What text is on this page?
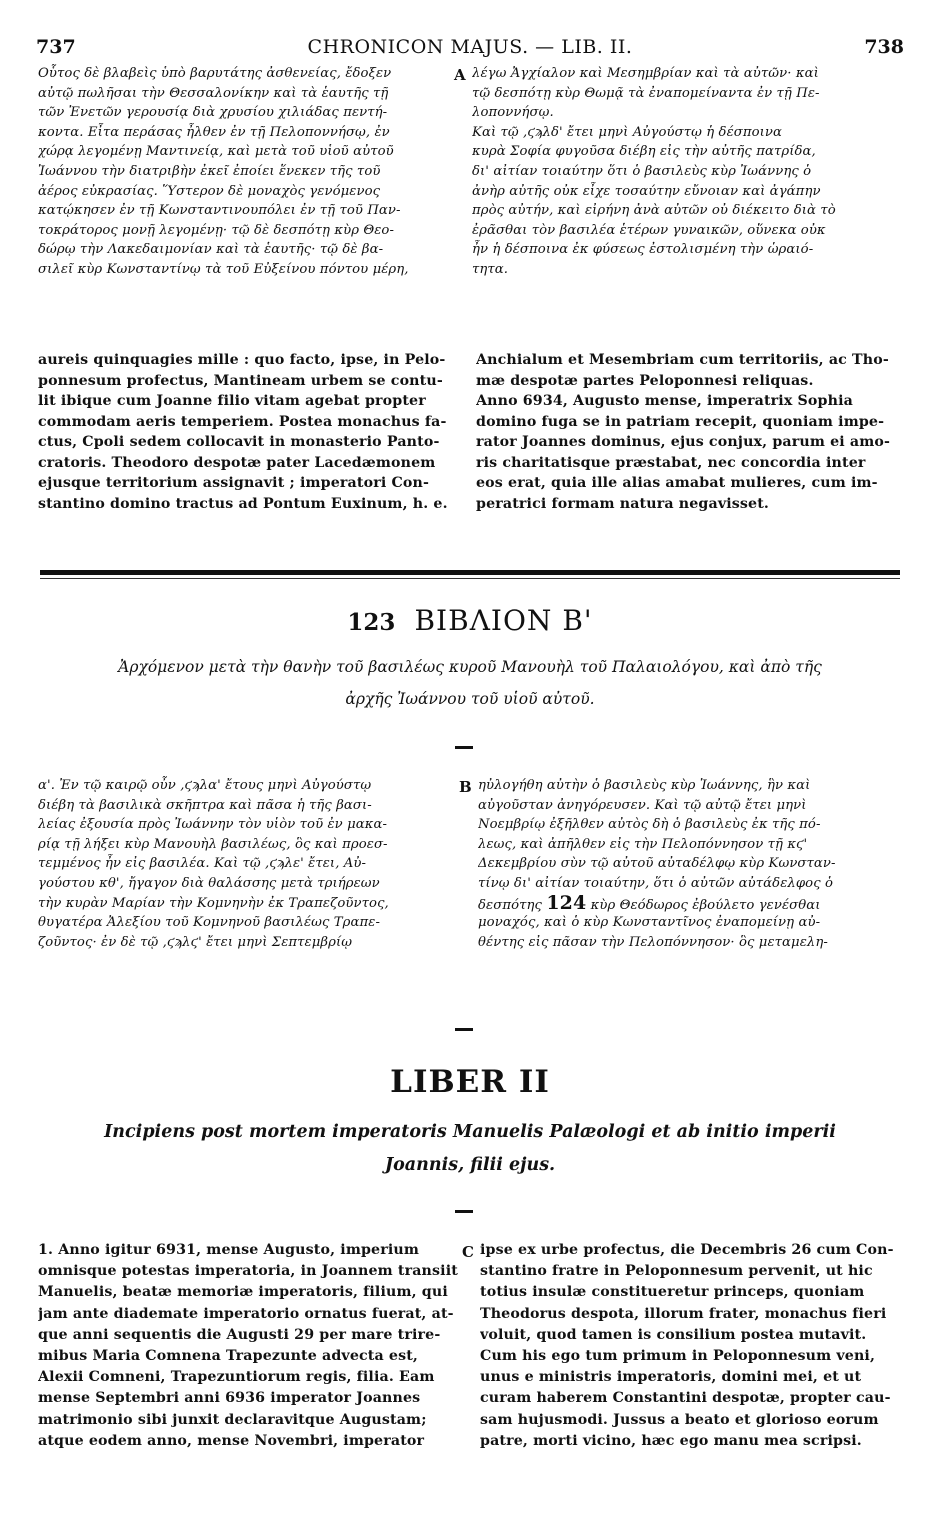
737	CHRONICON MAJUS. — LIB. II.	738
Οὗτος δὲ βλαβεὶς ὑπὸ βαρυτάτης ἀσθενείας, ἔδοξεν
αὐτῷ πωλῆσαι τὴν Θεσσαλονίκην καὶ τὰ ἑαυτῆς τῇ
τῶν Ἐνετῶν γερουσίᾳ διὰ χρυσίου χιλιάδας πεντή-
κοντα. Εἶτα περάσας ἦλθεν ἐν τῇ Πελοποννήσῳ, ἐν
χώρᾳ λεγομένῃ Μαντινείᾳ, καὶ μετὰ τοῦ υἱοῦ αὐτοῦ
Ἰωάννου τὴν διατριβὴν ἐκεῖ ἐποίει ἕνεκεν τῆς τοῦ
ἀέρος εὐκρασίας. Ὕστερον δὲ μοναχὸς γενόμενος
κατῴκησεν ἐν τῇ Κωνσταντινουπόλει ἐν τῇ τοῦ Παν-
τοκράτορος μονῇ λεγομένῃ· τῷ δὲ δεσπότῃ κὺρ Θεο-
δώρῳ τὴν Λακεδαιμονίαν καὶ τὰ ἑαυτῆς· τῷ δὲ βα-
σιλεῖ κὺρ Κωνσταντίνῳ τὰ τοῦ Εὐξείνου πόντου μέρη,
A λέγω Ἀγχίαλον καὶ Μεσημβρίαν καὶ τὰ αὐτῶν· καὶ
τῷ δεσπότῃ κὺρ Θωμᾷ τὰ ἐναπομείναντα ἐν τῇ Πε-
λοποννήσῳ.
Καὶ τῷ ,ϛϡλδ' ἔτει μηνὶ Αὐγούστῳ ἡ δέσποινα
κυρὰ Σοφία φυγοῦσα διέβη εἰς τὴν αὐτῆς πατρίδα,
δι' αἰτίαν τοιαύτην ὅτι ὁ βασιλεὺς κὺρ Ἰωάννης ὁ
ἀνὴρ αὐτῆς οὐκ εἶχε τοσαύτην εὔνοιαν καὶ ἀγάπην
πρὸς αὐτήν, καὶ εἰρήνη ἀνὰ αὐτῶν οὐ διέκειτο διὰ τὸ
ἐρᾶσθαι τὸν βασιλέα ἑτέρων γυναικῶν, οὕνεκα οὐκ
ἦν ἡ δέσποινα ἐκ φύσεως ἐστολισμένη τὴν ὡραιό-
τητα.
aureis quinquagies mille : quo facto, ipse, in Pelo-
ponnesum profectus, Mantineam urbem se contu-
lit ibique cum Joanne filio vitam agebat propter
commodam aeris temperiem. Postea monachus fa-
ctus, Cpoli sedem collocavit in monasterio Panto-
cratoris. Theodoro despotæ pater Lacedæmonem
ejusque territorium assignavit ; imperatori Con-
stantino domino tractus ad Pontum Euxinum, h. e.
Anchialum et Mesembriam cum territoriis, ac Tho-
mæ despotæ partes Peloponnesi reliquas.
Anno 6934, Augusto mense, imperatrix Sophia
domino fuga se in patriam recepit, quoniam impe-
rator Joannes dominus, ejus conjux, parum ei amo-
ris charitatisque præstabat, nec concordia inter
eos erat, quia ille alias amabat mulieres, cum im-
peratrici formam natura negavisset.
123 ΒΙΒΛΙΟΝ Β'
Ἀρχόμενον μετὰ τὴν θανὴν τοῦ βασιλέως κυροῦ Μανουὴλ τοῦ Παλαιολόγου, καὶ ἀπὸ τῆς
ἀρχῆς Ἰωάννου τοῦ υἱοῦ αὐτοῦ.
α'. Ἐν τῷ καιρῷ οὖν ,ϛϡλα' ἔτους μηνὶ Αὐγούστῳ
διέβη τὰ βασιλικὰ σκῆπτρα καὶ πᾶσα ἡ τῆς βασι-
λείας ἐξουσία πρὸς Ἰωάννην τὸν υἱὸν τοῦ ἐν μακα-
ρίᾳ τῇ λήξει κὺρ Μανουὴλ βασιλέως, ὃς καὶ προεσ-
τεμμένος ἦν εἰς βασιλέα. Καὶ τῷ ,ϛϡλε' ἔτει, Αὐ-
γούστου κθ', ἤγαγον διὰ θαλάσσης μετὰ τριήρεων
τὴν κυρὰν Μαρίαν τὴν Κομνηνὴν ἐκ Τραπεζοῦντος,
θυγατέρα Ἀλεξίου τοῦ Κομνηνοῦ βασιλέως Τραπε-
ζοῦντος· ἐν δὲ τῷ ,ϛϡλϛ' ἔτει μηνὶ Σεπτεμβρίῳ
B ηὐλογήθη αὐτὴν ὁ βασιλεὺς κὺρ Ἰωάννης, ἣν καὶ
αὐγοῦσταν ἀνηγόρευσεν. Καὶ τῷ αὐτῷ ἔτει μηνὶ
Νοεμβρίῳ ἐξῆλθεν αὐτὸς δὴ ὁ βασιλεὺς ἐκ τῆς πό-
λεως, καὶ ἀπῆλθεν εἰς τὴν Πελοπόννησον τῇ κϛ'
Δεκεμβρίου σὺν τῷ αὐτοῦ αὐταδέλφῳ κὺρ Κωνσταν-
τίνῳ δι' αἰτίαν τοιαύτην, ὅτι ὁ αὐτῶν αὐτάδελφος ὁ
δεσπότης 124 κὺρ Θεόδωρος ἐβούλετο γενέσθαι
μοναχός, καὶ ὁ κὺρ Κωνσταντῖνος ἐναπομείνῃ αὐ-
θέντης εἰς πᾶσαν τὴν Πελοπόννησον· ὃς μεταμελη-
LIBER II
Incipiens post mortem imperatoris Manuelis Palæologi et ab initio imperii
Joannis, filii ejus.
1. Anno igitur 6931, mense Augusto, imperium
omnisque potestas imperatoria, in Joannem transiit
Manuelis, beatæ memoriæ imperatoris, filium, qui
jam ante diademate imperatorio ornatus fuerat, at-
que anni sequentis die Augusti 29 per mare trire-
mibus Maria Comnena Trapezunte advecta est,
Alexii Comneni, Trapezuntiorum regis, filia. Eam
mense Septembri anni 6936 imperator Joannes
matrimonio sibi junxit declaravitque Augustam;
atque eodem anno, mense Novembri, imperator
C ipse ex urbe profectus, die Decembris 26 cum Con-
stantino fratre in Peloponnesum pervenit, ut hic
totius insulæ constitueretur princeps, quoniam
Theodorus despota, illorum frater, monachus fieri
voluit, quod tamen is consilium postea mutavit.
Cum his ego tum primum in Peloponnesum veni,
unus e ministris imperatoris, domini mei, et ut
curam haberem Constantini despotæ, propter cau-
sam hujusmodi. Jussus a beato et glorioso eorum
patre, morti vicino, hæc ego manu mea scripsi.
